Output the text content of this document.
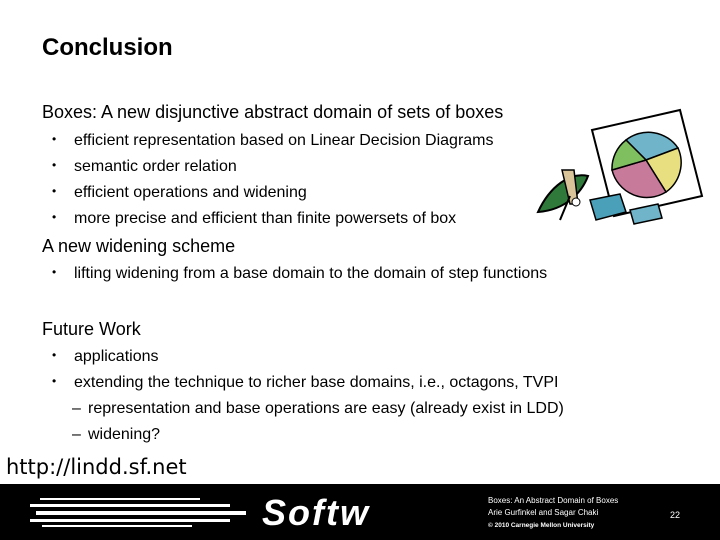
Conclusion
Boxes: A new disjunctive abstract domain of sets of boxes
• efficient representation based on Linear Decision Diagrams
• semantic order relation
• efficient operations and widening
• more precise and efficient than finite powersets of box
A new widening scheme
• lifting widening from a base domain to the domain of step functions
Future Work
• applications
• extending the technique to richer base domains, i.e., octagons, TVPI
– representation and base operations are easy (already exist in LDD)
– widening?
http://lindd.sf.net
Softw	Boxes: An Abstract Domain of Boxes
Arie Gurfinkel and Sagar Chaki
© 2010 Carnegie Mellon University
22
